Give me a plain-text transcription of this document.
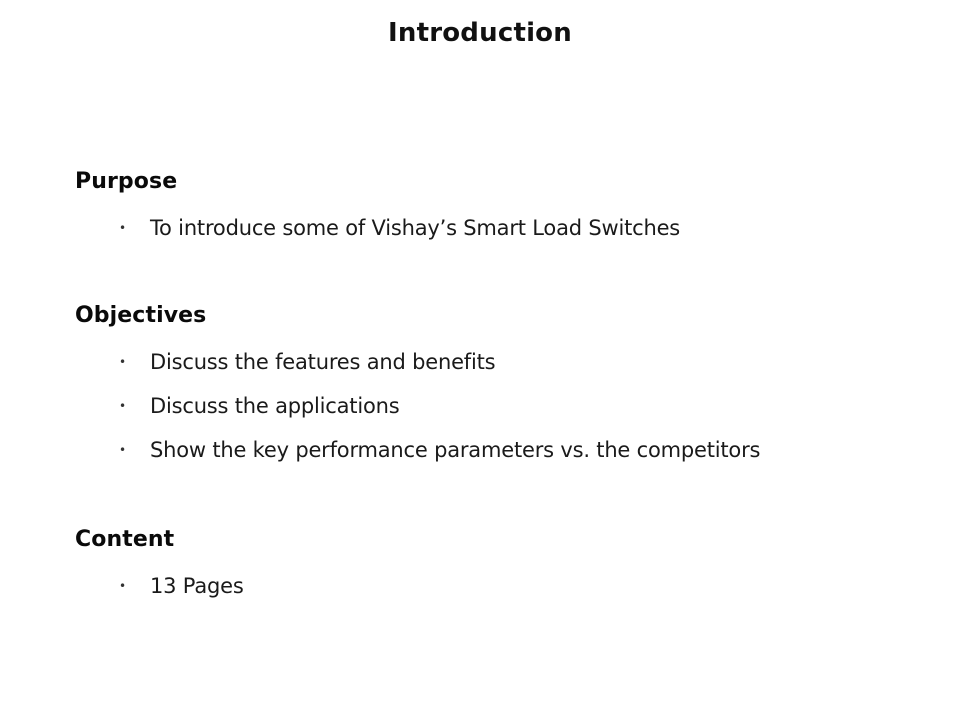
Introduction
Purpose
•	To introduce some of Vishay’s Smart Load Switches
Objectives
•	Discuss the features and benefits
•	Discuss the applications
•	Show the key performance parameters vs. the competitors
Content
•	13 Pages
